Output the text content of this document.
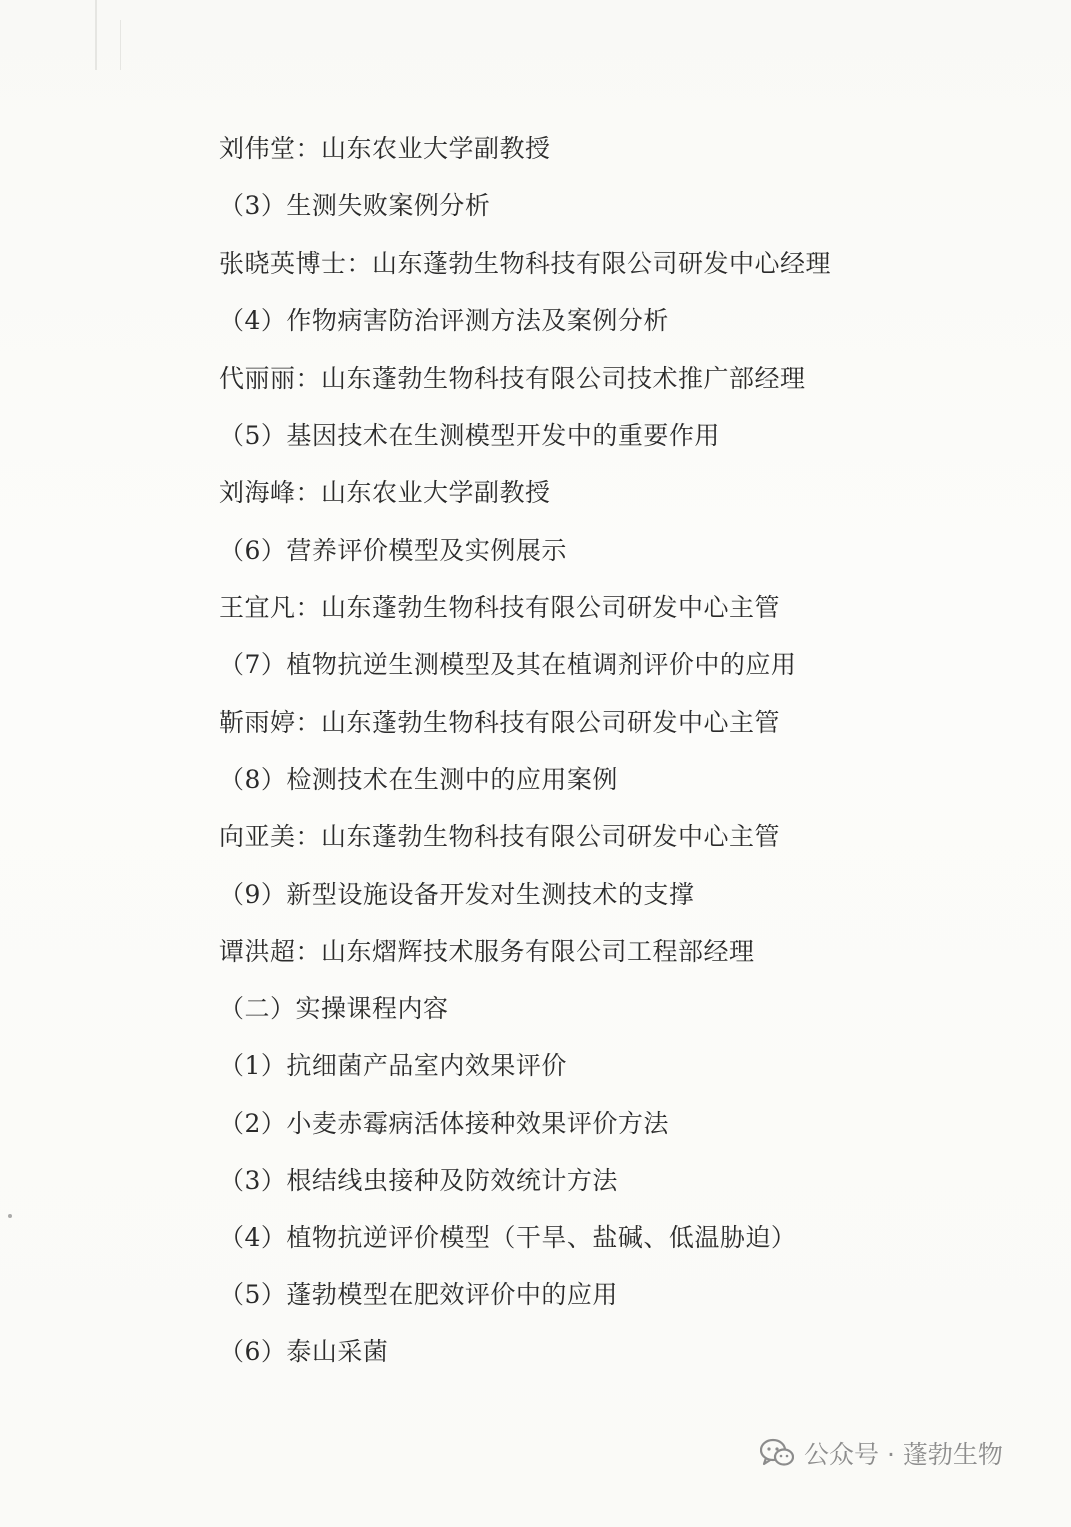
刘伟堂：山东农业大学副教授
（3）生测失败案例分析
张晓英博士：山东蓬勃生物科技有限公司研发中心经理
（4）作物病害防治评测方法及案例分析
代丽丽：山东蓬勃生物科技有限公司技术推广部经理
（5）基因技术在生测模型开发中的重要作用
刘海峰：山东农业大学副教授
（6）营养评价模型及实例展示
王宜凡：山东蓬勃生物科技有限公司研发中心主管
（7）植物抗逆生测模型及其在植调剂评价中的应用
靳雨婷：山东蓬勃生物科技有限公司研发中心主管
（8）检测技术在生测中的应用案例
向亚美：山东蓬勃生物科技有限公司研发中心主管
（9）新型设施设备开发对生测技术的支撑
谭洪超：山东熠辉技术服务有限公司工程部经理
（二）实操课程内容
（1）抗细菌产品室内效果评价
（2）小麦赤霉病活体接种效果评价方法
（3）根结线虫接种及防效统计方法
（4）植物抗逆评价模型（干旱、盐碱、低温胁迫）
（5）蓬勃模型在肥效评价中的应用
（6）泰山采菌
公众号 · 蓬勃生物
